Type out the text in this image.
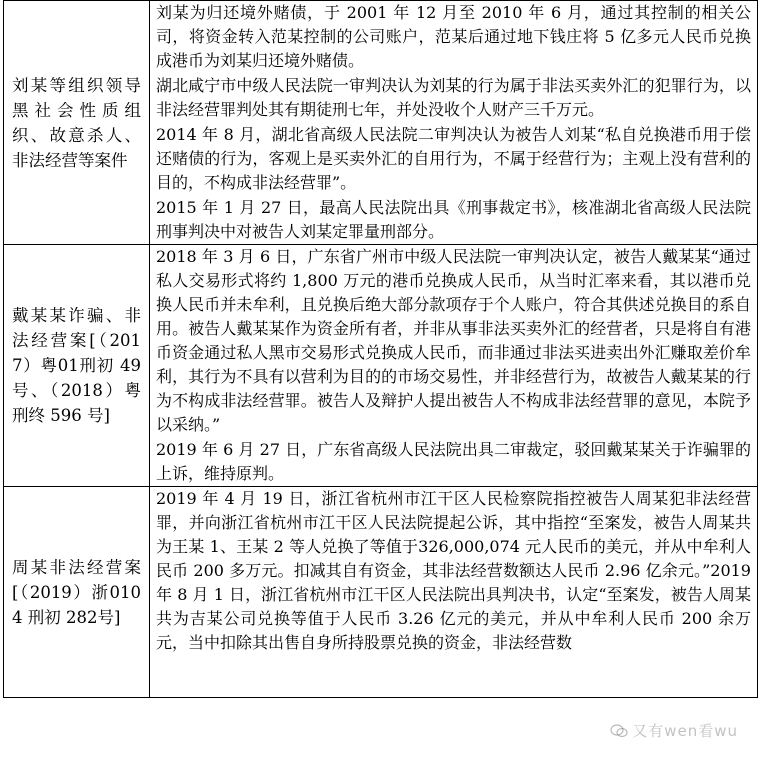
刘某等组织领导黑社会性质组织、故意杀人、非法经营等案件	刘某为归还境外赌债，于 2001 年 12 月至 2010 年 6 月，通过其控制的相关公司，将资金转入范某控制的公司账户，范某后通过地下钱庄将 5 亿多元人民币兑换成港币为刘某归还境外赌债。
湖北咸宁市中级人民法院一审判决认为刘某的行为属于非法买卖外汇的犯罪行为，以非法经营罪判处其有期徒刑七年，并处没收个人财产三千万元。
2014 年 8 月，湖北省高级人民法院二审判决认为被告人刘某“私自兑换港币用于偿还赌债的行为，客观上是买卖外汇的自用行为，不属于经营行为；主观上没有营利的目的，不构成非法经营罪”。
2015 年 1 月 27 日，最高人民法院出具《刑事裁定书》，核准湖北省高级人民法院刑事判决中对被告人刘某定罪量刑部分。

戴某某诈骗、非法经营案[（2017）粤01刑初 49 号、（2018）粤刑终 596 号]	2018 年 3 月 6 日，广东省广州市中级人民法院一审判决认定，被告人戴某某“通过私人交易形式将约 1,800 万元的港币兑换成人民币，从当时汇率来看，其以港币兑换人民币并未牟利，且兑换后绝大部分款项存于个人账户，符合其供述兑换目的系自用。被告人戴某某作为资金所有者，并非从事非法买卖外汇的经营者，只是将自有港币资金通过私人黑市交易形式兑换成人民币，而非通过非法买进卖出外汇赚取差价牟利，其行为不具有以营利为目的的市场交易性，并非经营行为，故被告人戴某某的行为不构成非法经营罪。被告人及辩护人提出被告人不构成非法经营罪的意见，本院予以采纳。”
2019 年 6 月 27 日，广东省高级人民法院出具二审裁定，驳回戴某某关于诈骗罪的上诉，维持原判。

周某非法经营案[（2019）浙0104 刑初 282号]	2019 年 4 月 19 日，浙江省杭州市江干区人民检察院指控被告人周某犯非法经营罪，并向浙江省杭州市江干区人民法院提起公诉，其中指控“至案发，被告人周某共为王某 1、王某 2 等人兑换了等值于326,000,074 元人民币的美元，并从中牟利人民币 200 多万元。扣减其自有资金，其非法经营数额达人民币 2.96 亿余元。”2019 年 8 月 1 日，浙江省杭州市江干区人民法院出具判决书，认定“至案发，被告人周某共为吉某公司兑换等值于人民币 3.26 亿元的美元，并从中牟利人民币 200 余万元，当中扣除其出售自身所持股票兑换的资金，非法经营数
又有wen看wu
